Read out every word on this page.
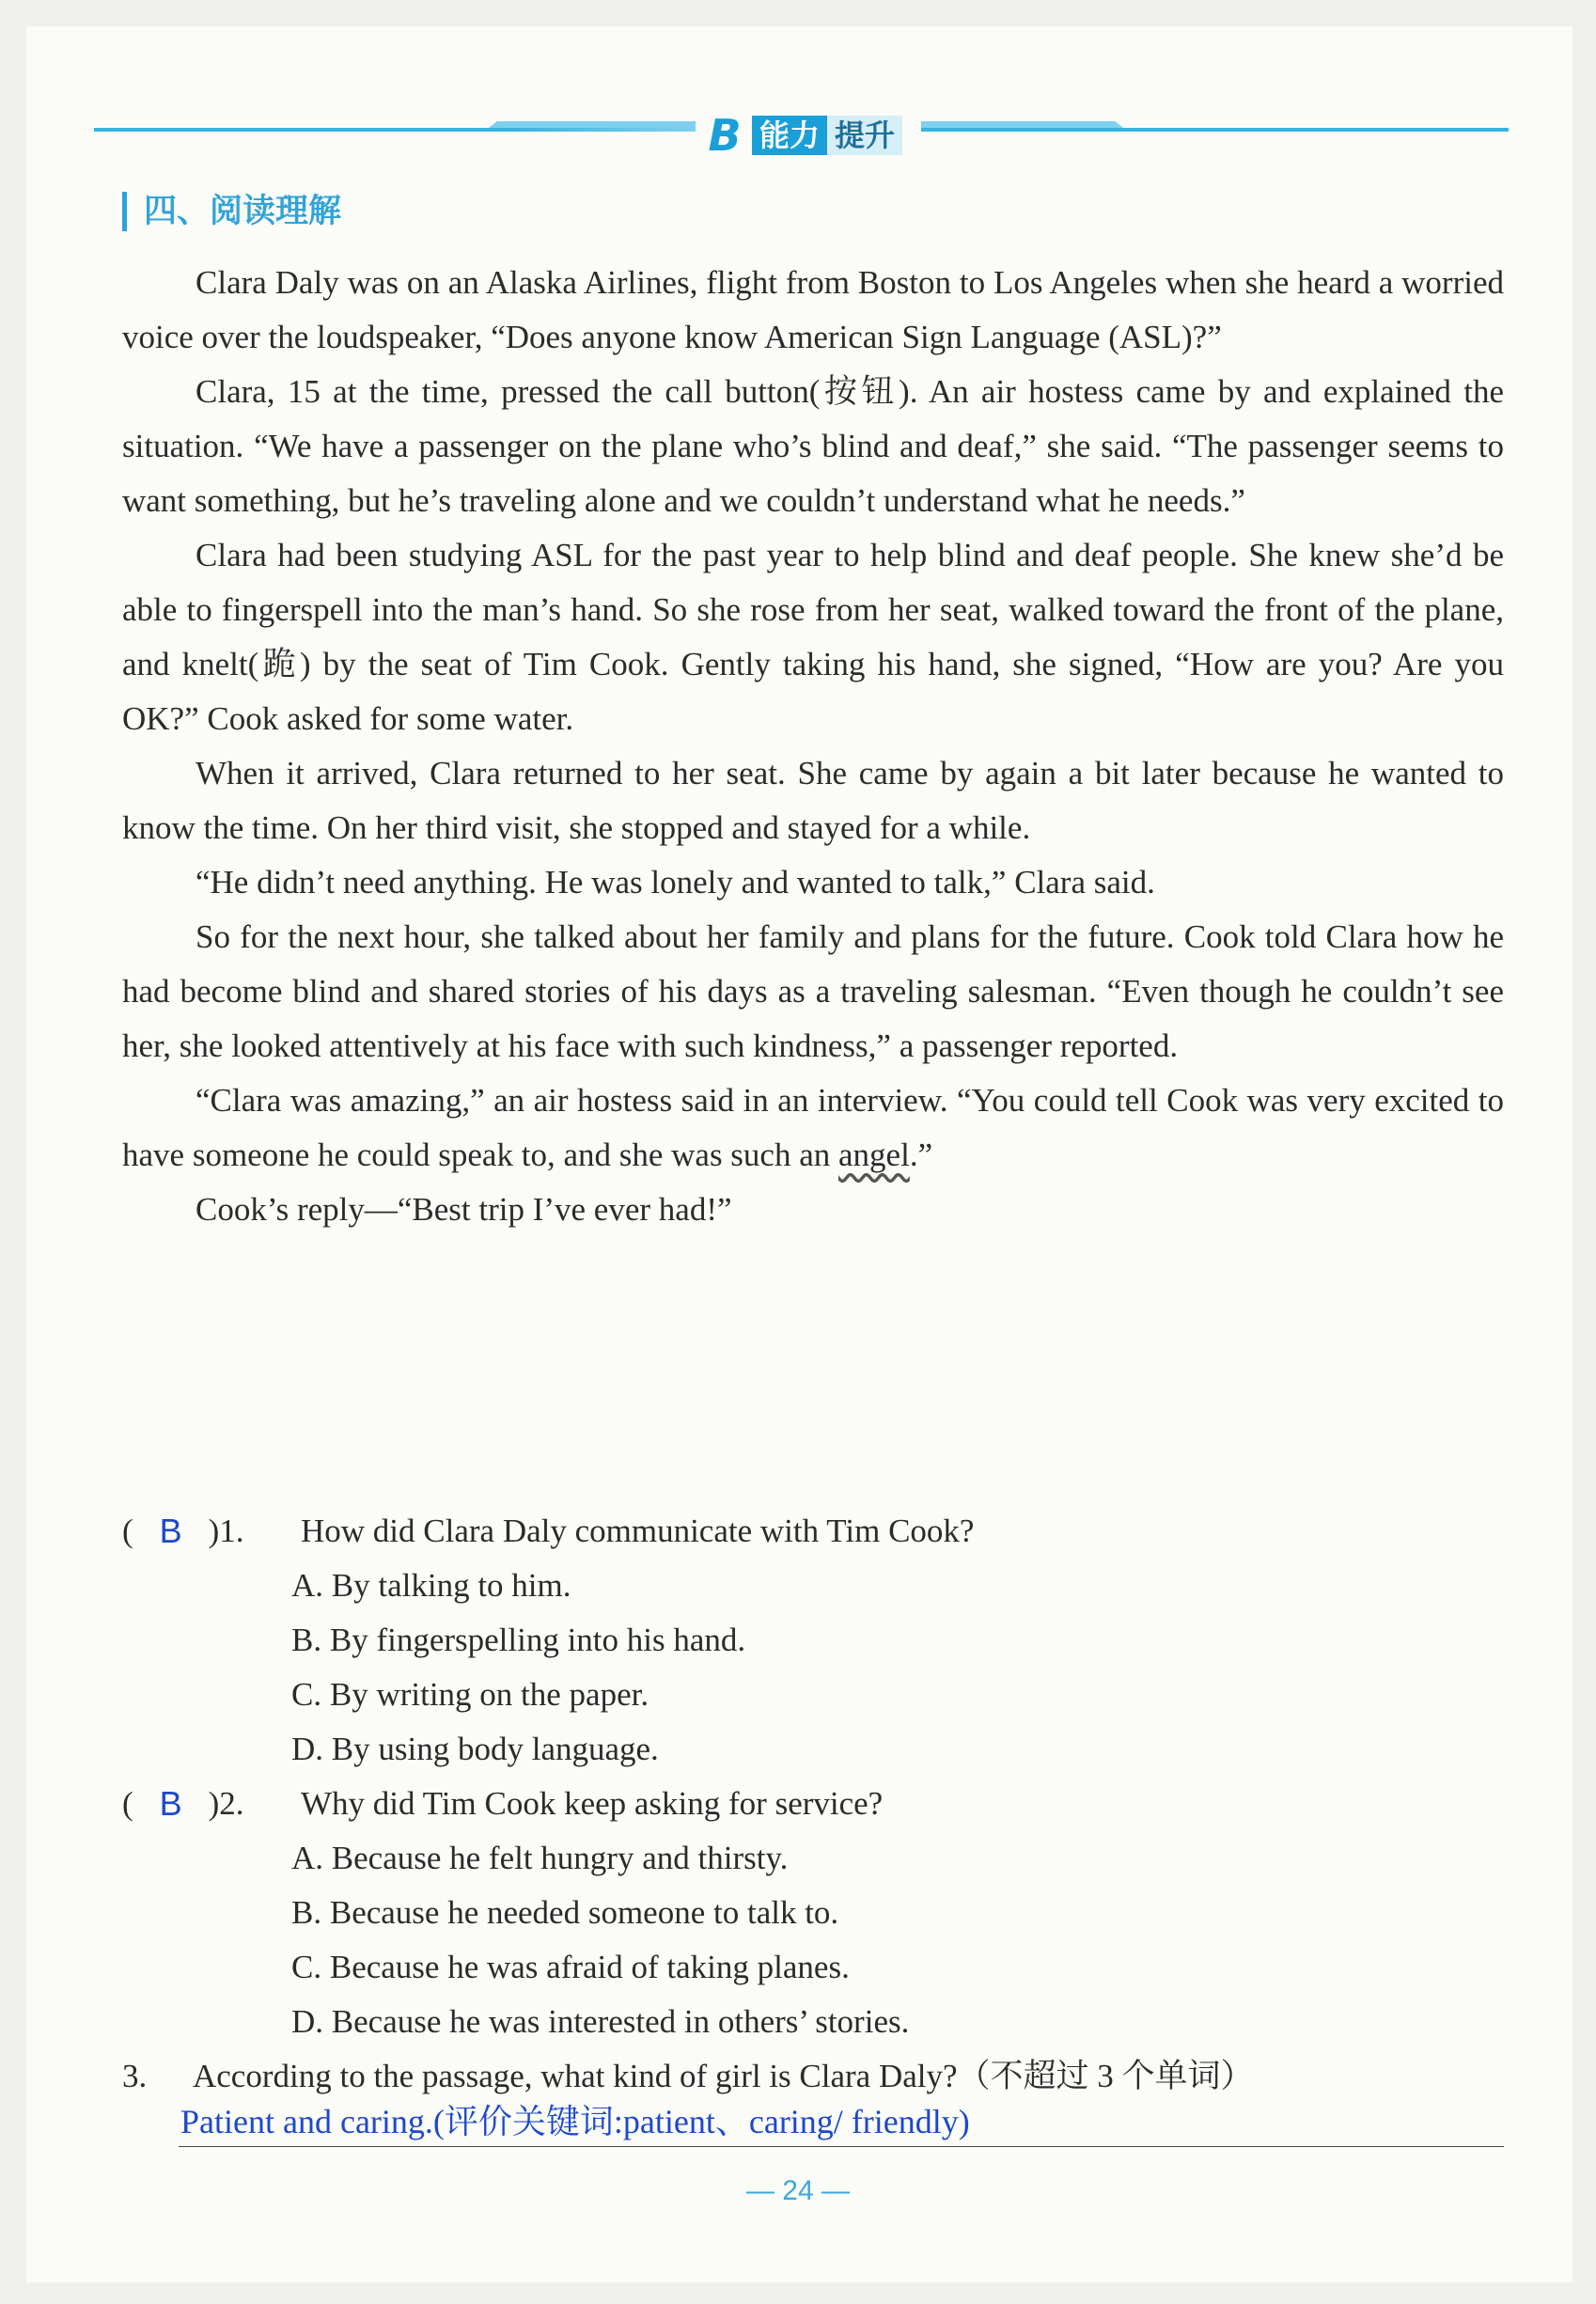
B 能力 提升
四、阅读理解

Clara Daly was on an Alaska Airlines, flight from Boston to Los Angeles when she heard a worried voice over the loudspeaker, “Does anyone know American Sign Language (ASL)?”

Clara, 15 at the time, pressed the call button(按钮). An air hostess came by and explained the situation. “We have a passenger on the plane who’s blind and deaf,” she said. “The passenger seems to want something, but he’s traveling alone and we couldn’t understand what he needs.”

Clara had been studying ASL for the past year to help blind and deaf people. She knew she’d be able to fingerspell into the man’s hand. So she rose from her seat, walked toward the front of the plane, and knelt(跪) by the seat of Tim Cook. Gently taking his hand, she signed, “How are you? Are you OK?” Cook asked for some water.

When it arrived, Clara returned to her seat. She came by again a bit later because he wanted to know the time. On her third visit, she stopped and stayed for a while.

“He didn’t need anything. He was lonely and wanted to talk,” Clara said.

So for the next hour, she talked about her family and plans for the future. Cook told Clara how he had become blind and shared stories of his days as a traveling salesman. “Even though he couldn’t see her, she looked attentively at his face with such kindness,” a passenger reported.

“Clara was amazing,” an air hostess said in an interview. “You could tell Cook was very excited to have someone he could speak to, and she was such an angel.”

Cook’s reply—“Best trip I’ve ever had!”

( B )1. How did Clara Daly communicate with Tim Cook?
A. By talking to him.
B. By fingerspelling into his hand.
C. By writing on the paper.
D. By using body language.
( B )2. Why did Tim Cook keep asking for service?
A. Because he felt hungry and thirsty.
B. Because he needed someone to talk to.
C. Because he was afraid of taking planes.
D. Because he was interested in others’ stories.
3. According to the passage, what kind of girl is Clara Daly?（不超过 3 个单词）
Patient and caring.(评价关键词:patient、caring/ friendly)
— 24 —
